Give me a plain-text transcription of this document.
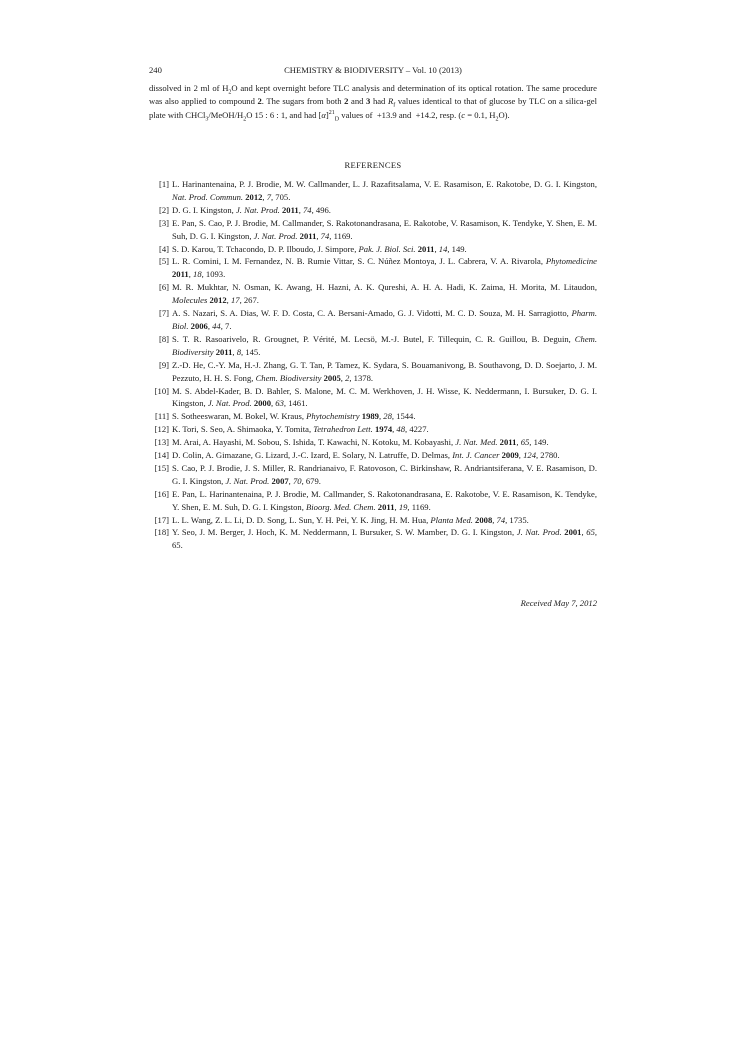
240	CHEMISTRY & BIODIVERSITY – Vol. 10 (2013)

dissolved in 2 ml of $H_2O$ and kept overnight before TLC analysis and determination of its optical rotation. The same procedure was also applied to compound 2. The sugars from both 2 and 3 had $R_f$ values identical to that of glucose by TLC on a silica-gel plate with $CHCl_3/MeOH/H_2O$ 15 : 6 : 1, and had $[\alpha]^{21}_D$ values of  +13.9 and  +14.2, resp. (c = 0.1, $H_2O$).

REFERENCES
[1] L. Harinantenaina, P. J. Brodie, M. W. Callmander, L. J. Razafitsalama, V. E. Rasamison, E. Rakotobe, D. G. I. Kingston, Nat. Prod. Commun. 2012, 7, 705.
[2] D. G. I. Kingston, J. Nat. Prod. 2011, 74, 496.
[3] E. Pan, S. Cao, P. J. Brodie, M. Callmander, S. Rakotonandrasana, E. Rakotobe, V. Rasamison, K. Tendyke, Y. Shen, E. M. Suh, D. G. I. Kingston, J. Nat. Prod. 2011, 74, 1169.
[4] S. D. Karou, T. Tchacondo, D. P. Ilboudo, J. Simpore, Pak. J. Biol. Sci. 2011, 14, 149.
[5] L. R. Comini, I. M. Fernandez, N. B. Rumie Vittar, S. C. Núñez Montoya, J. L. Cabrera, V. A. Rivarola, Phytomedicine 2011, 18, 1093.
[6] M. R. Mukhtar, N. Osman, K. Awang, H. Hazni, A. K. Qureshi, A. H. A. Hadi, K. Zaima, H. Morita, M. Litaudon, Molecules 2012, 17, 267.
[7] A. S. Nazari, S. A. Dias, W. F. D. Costa, C. A. Bersani-Amado, G. J. Vidotti, M. C. D. Souza, M. H. Sarragiotto, Pharm. Biol. 2006, 44, 7.
[8] S. T. R. Rasoarivelo, R. Grougnet, P. Vérité, M. Lecsö, M.-J. Butel, F. Tillequin, C. R. Guillou, B. Deguin, Chem. Biodiversity 2011, 8, 145.
[9] Z.-D. He, C.-Y. Ma, H.-J. Zhang, G. T. Tan, P. Tamez, K. Sydara, S. Bouamanivong, B. Southavong, D. D. Soejarto, J. M. Pezzuto, H. H. S. Fong, Chem. Biodiversity 2005, 2, 1378.
[10] M. S. Abdel-Kader, B. D. Bahler, S. Malone, M. C. M. Werkhoven, J. H. Wisse, K. Neddermann, I. Bursuker, D. G. I. Kingston, J. Nat. Prod. 2000, 63, 1461.
[11] S. Sotheeswaran, M. Bokel, W. Kraus, Phytochemistry 1989, 28, 1544.
[12] K. Tori, S. Seo, A. Shimaoka, Y. Tomita, Tetrahedron Lett. 1974, 48, 4227.
[13] M. Arai, A. Hayashi, M. Sobou, S. Ishida, T. Kawachi, N. Kotoku, M. Kobayashi, J. Nat. Med. 2011, 65, 149.
[14] D. Colin, A. Gimazane, G. Lizard, J.-C. Izard, E. Solary, N. Latruffe, D. Delmas, Int. J. Cancer 2009, 124, 2780.
[15] S. Cao, P. J. Brodie, J. S. Miller, R. Randrianaivo, F. Ratovoson, C. Birkinshaw, R. Andriantsiferana, V. E. Rasamison, D. G. I. Kingston, J. Nat. Prod. 2007, 70, 679.
[16] E. Pan, L. Harinantenaina, P. J. Brodie, M. Callmander, S. Rakotonandrasana, E. Rakotobe, V. E. Rasamison, K. Tendyke, Y. Shen, E. M. Suh, D. G. I. Kingston, Bioorg. Med. Chem. 2011, 19, 1169.
[17] L. L. Wang, Z. L. Li, D. D. Song, L. Sun, Y. H. Pei, Y. K. Jing, H. M. Hua, Planta Med. 2008, 74, 1735.
[18] Y. Seo, J. M. Berger, J. Hoch, K. M. Neddermann, I. Bursuker, S. W. Mamber, D. G. I. Kingston, J. Nat. Prod. 2001, 65, 65.
Received May 7, 2012
